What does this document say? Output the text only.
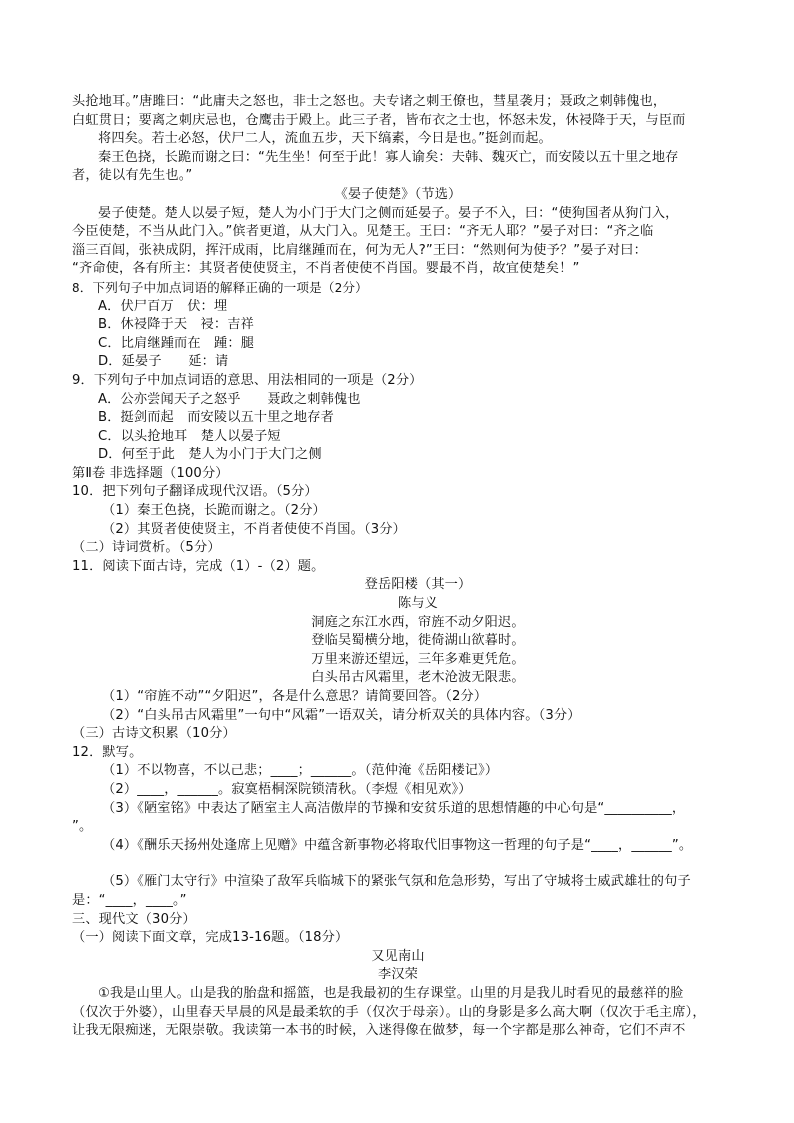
头抢地耳。”唐雎曰：“此庸夫之怒也，非士之怒也。夫专诸之刺王僚也，彗星袭月；聂政之刺韩傀也，
白虹贯日；要离之刺庆忌也，仓鹰击于殿上。此三子者，皆布衣之士也，怀怒未发，休祲降于天，与臣而
将四矣。若士必怒，伏尸二人，流血五步，天下缟素，今日是也。”挺剑而起。
秦王色挠，长跪而谢之曰：“先生坐！何至于此！寡人谕矣：夫韩、魏灭亡，而安陵以五十里之地存
者，徒以有先生也。”
《晏子使楚》（节选）
晏子使楚。楚人以晏子短，楚人为小门于大门之侧而延晏子。晏子不入，曰：“使狗国者从狗门入，
今臣使楚，不当从此门入。”傧者更道，从大门入。见楚王。王曰：“齐无人耶？”晏子对曰：“齐之临
淄三百闾，张袂成阴，挥汗成雨，比肩继踵而在，何为无人?”王曰：“然则何为使予？”晏子对曰：
“齐命使，各有所主：其贤者使使贤主，不肖者使使不肖国。婴最不肖，故宜使楚矣！”
8．下列句子中加点词语的解释正确的一项是（2分）
A．伏尸百万　伏：埋
B．休祲降于天　祲：吉祥
C．比肩继踵而在　踵：腿
D．延晏子　　延：请
9．下列句子中加点词语的意思、用法相同的一项是（2分）
A．公亦尝闻天子之怒乎　　聂政之刺韩傀也
B．挺剑而起　而安陵以五十里之地存者
C．以头抢地耳　楚人以晏子短
D．何至于此　楚人为小门于大门之侧
第Ⅱ卷 非选择题（100分）
10．把下列句子翻译成现代汉语。（5分）
（1）秦王色挠，长跪而谢之。（2分）
（2）其贤者使使贤主，不肖者使使不肖国。（3分）
（二）诗词赏析。（5分）
11．阅读下面古诗，完成（1）-（2）题。
登岳阳楼（其一）
陈与义
洞庭之东江水西，帘旌不动夕阳迟。
登临吴蜀横分地，徙倚湖山欲暮时。
万里来游还望远，三年多难更凭危。
白头吊古风霜里，老木沧波无限悲。
（1）“帘旌不动”“夕阳迟”，各是什么意思？请简要回答。（2分）
（2）“白头吊古风霜里”一句中“风霜”一语双关，请分析双关的具体内容。（3分）
（三）古诗文积累（10分）
12．默写。
（1）不以物喜，不以己悲；____；______。（范仲淹《岳阳楼记》）
（2）____，______。寂寞梧桐深院锁清秋。（李煜《相见欢》）
（3）《陋室铭》中表达了陋室主人高洁傲岸的节操和安贫乐道的思想情趣的中心句是“__________，
”。
（4）《酬乐天扬州处逢席上见赠》中蕴含新事物必将取代旧事物这一哲理的句子是“____，______”。
（5）《雁门太守行》中渲染了敌军兵临城下的紧张气氛和危急形势，写出了守城将士威武雄壮的句子
是：“____，____。”
三、现代文（30分）
（一）阅读下面文章，完成13-16题。（18分）
又见南山
李汉荣
①我是山里人。山是我的胎盘和摇篮，也是我最初的生存课堂。山里的月是我儿时看见的最慈祥的脸
（仅次于外婆），山里春天早晨的风是最柔软的手（仅次于母亲）。山的身影是多么高大啊（仅次于毛主席），
让我无限痴迷，无限崇敬。我读第一本书的时候，入迷得像在做梦，每一个字都是那么神奇，它们不声不
